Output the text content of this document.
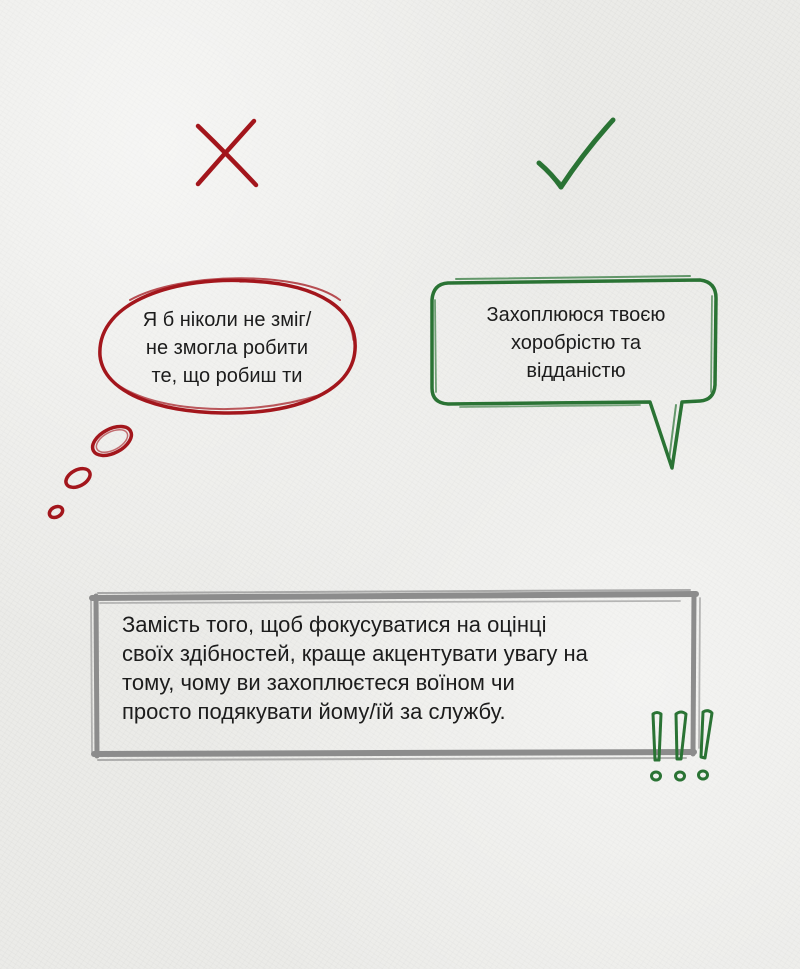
Я б ніколи не зміг/
не змогла робити
те, що робиш ти

Захоплююся твоєю
хоробрістю та
відданістю

Замість того, щоб фокусуватися на оцінці
своїх здібностей, краще акцентувати увагу на
тому, чому ви захоплюєтеся воїном чи
просто подякувати йому/їй за службу.
